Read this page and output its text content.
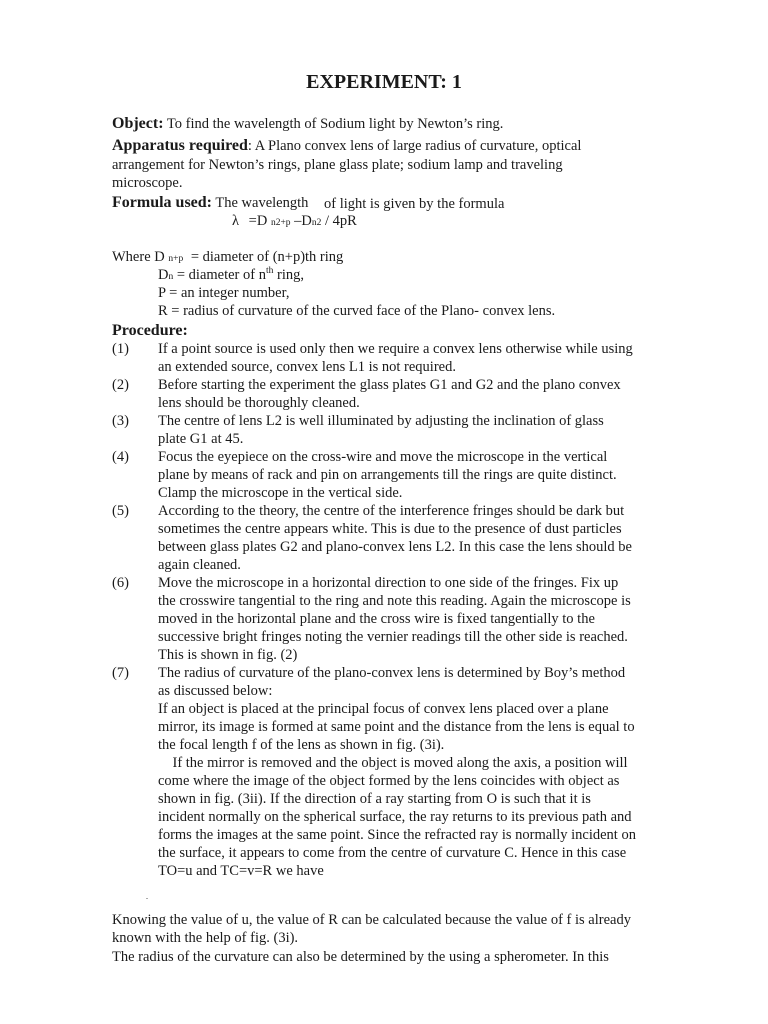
EXPERIMENT: 1
Object: To find the wavelength of Sodium light by Newton’s ring.
Apparatus required: A Plano convex lens of large radius of curvature, optical
arrangement for Newton’s rings, plane glass plate; sodium lamp and traveling
microscope.
Formula used: The wavelength of light is given by the formula
λ =D n2+p –Dn2 / 4pR
Where D n+p = diameter of (n+p)th ring
Dn = diameter of $n^{th}$ ring,
P = an integer number,
R = radius of curvature of the curved face of the Plano- convex lens.
Procedure:
(1) If a point source is used only then we require a convex lens otherwise while using
an extended source, convex lens L1 is not required.
(2) Before starting the experiment the glass plates G1 and G2 and the plano convex
lens should be thoroughly cleaned.
(3) The centre of lens L2 is well illuminated by adjusting the inclination of glass
plate G1 at 45.
(4) Focus the eyepiece on the cross-wire and move the microscope in the vertical
plane by means of rack and pin on arrangements till the rings are quite distinct.
Clamp the microscope in the vertical side.
(5) According to the theory, the centre of the interference fringes should be dark but
sometimes the centre appears white. This is due to the presence of dust particles
between glass plates G2 and plano-convex lens L2. In this case the lens should be
again cleaned.
(6) Move the microscope in a horizontal direction to one side of the fringes. Fix up
the crosswire tangential to the ring and note this reading. Again the microscope is
moved in the horizontal plane and the cross wire is fixed tangentially to the
successive bright fringes noting the vernier readings till the other side is reached.
This is shown in fig. (2)
(7) The radius of curvature of the plano-convex lens is determined by Boy’s method
as discussed below:
If an object is placed at the principal focus of convex lens placed over a plane
mirror, its image is formed at same point and the distance from the lens is equal to
the focal length f of the lens as shown in fig. (3i).
If the mirror is removed and the object is moved along the axis, a position will
come where the image of the object formed by the lens coincides with object as
shown in fig. (3ii). If the direction of a ray starting from O is such that it is
incident normally on the spherical surface, the ray returns to its previous path and
forms the images at the same point. Since the refracted ray is normally incident on
the surface, it appears to come from the centre of curvature C. Hence in this case
TO=u and TC=v=R we have
.
Knowing the value of u, the value of R can be calculated because the value of f is already
known with the help of fig. (3i).
The radius of the curvature can also be determined by the using a spherometer. In this
